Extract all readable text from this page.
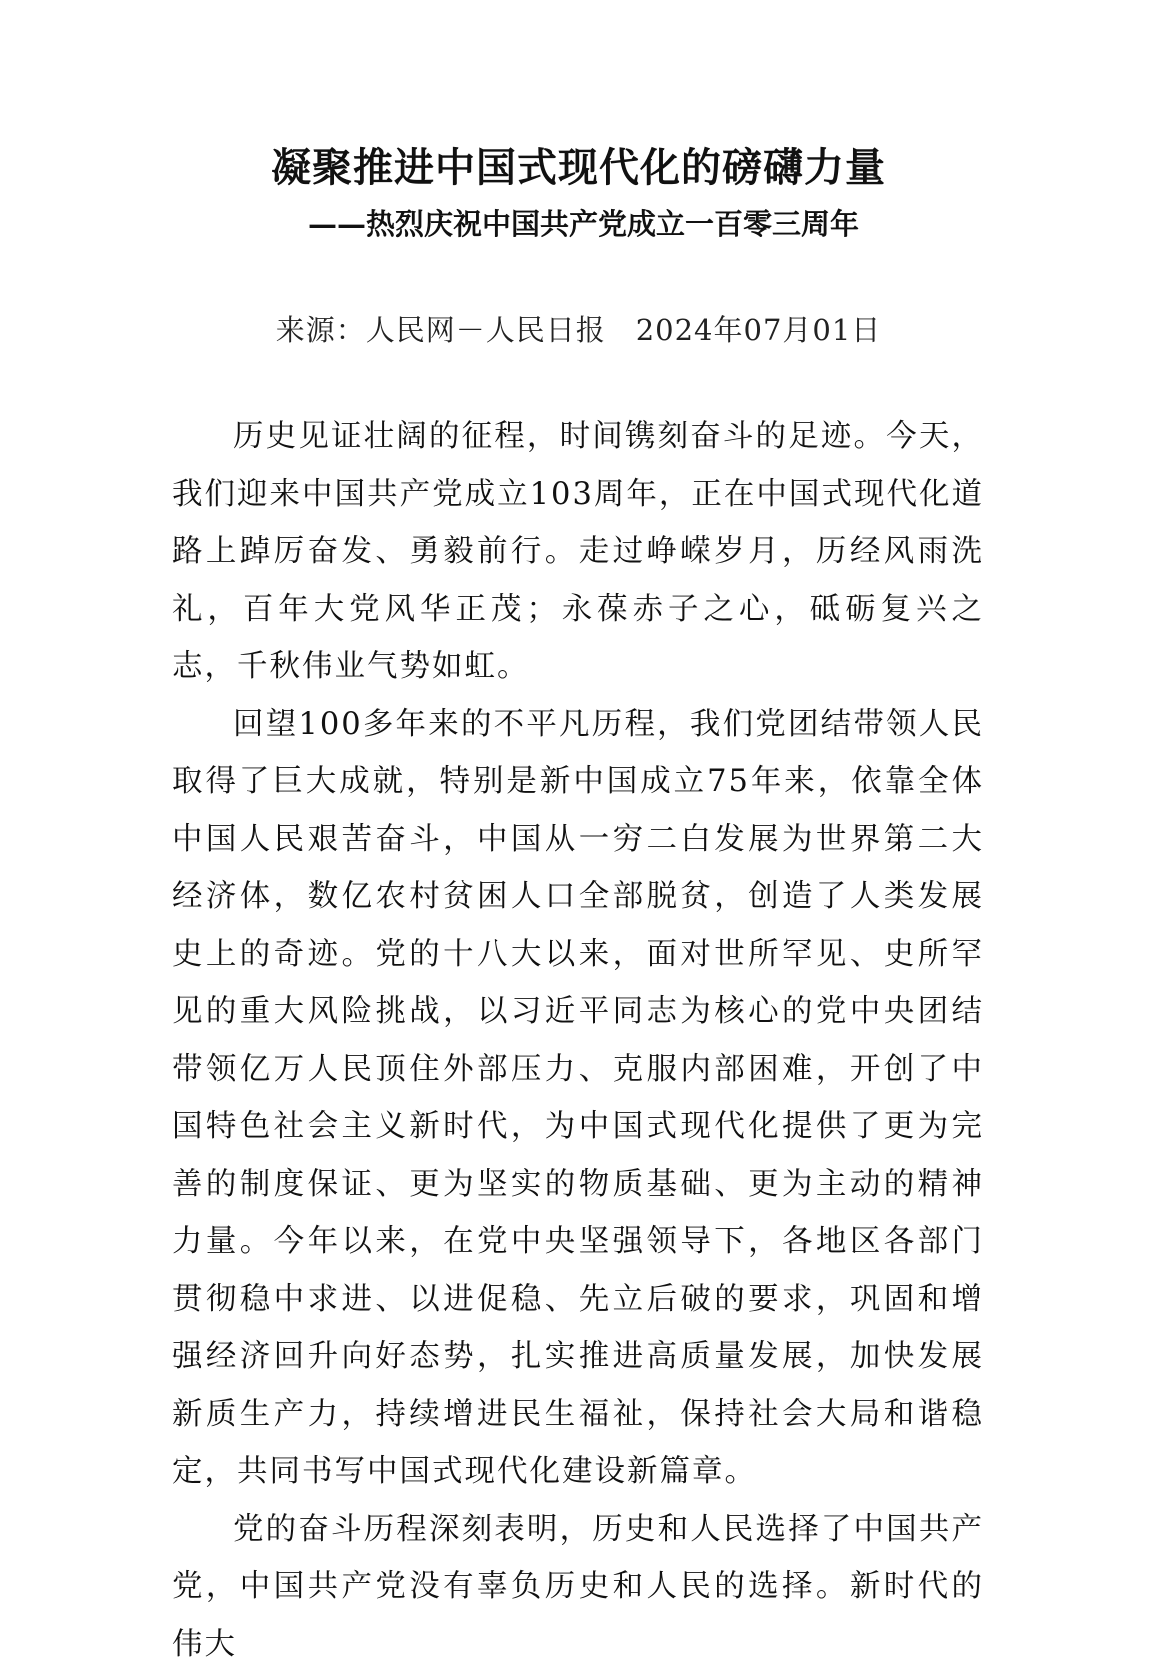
凝聚推进中国式现代化的磅礴力量
——热烈庆祝中国共产党成立一百零三周年
来源：人民网－人民日报　2024年07月01日

历史见证壮阔的征程，时间镌刻奋斗的足迹。今天，我们迎来中国共产党成立103周年，正在中国式现代化道路上踔厉奋发、勇毅前行。走过峥嵘岁月，历经风雨洗礼，百年大党风华正茂；永葆赤子之心，砥砺复兴之志，千秋伟业气势如虹。

回望100多年来的不平凡历程，我们党团结带领人民取得了巨大成就，特别是新中国成立75年来，依靠全体中国人民艰苦奋斗，中国从一穷二白发展为世界第二大经济体，数亿农村贫困人口全部脱贫，创造了人类发展史上的奇迹。党的十八大以来，面对世所罕见、史所罕见的重大风险挑战，以习近平同志为核心的党中央团结带领亿万人民顶住外部压力、克服内部困难，开创了中国特色社会主义新时代，为中国式现代化提供了更为完善的制度保证、更为坚实的物质基础、更为主动的精神力量。今年以来，在党中央坚强领导下，各地区各部门贯彻稳中求进、以进促稳、先立后破的要求，巩固和增强经济回升向好态势，扎实推进高质量发展，加快发展新质生产力，持续增进民生福祉，保持社会大局和谐稳定，共同书写中国式现代化建设新篇章。

党的奋斗历程深刻表明，历史和人民选择了中国共产党，中国共产党没有辜负历史和人民的选择。新时代的伟大
